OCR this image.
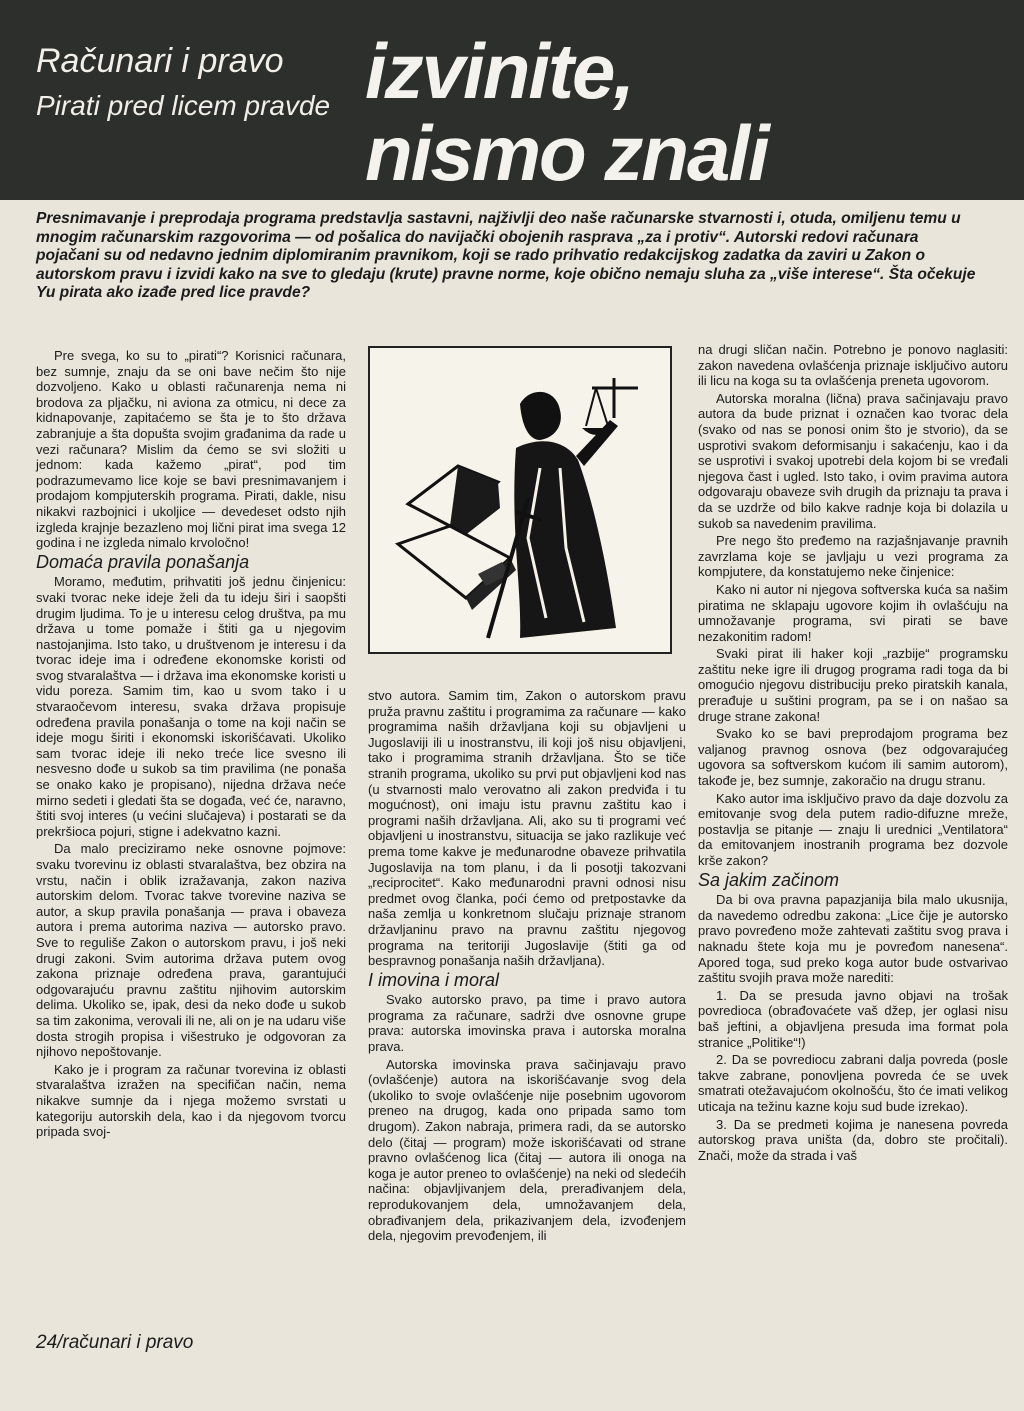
Računari i pravo
Pirati pred licem pravde izvinite,
nismo znali
Presnimavanje i preprodaja programa predstavlja sastavni, najživlji deo naše računarske stvarnosti i, otuda, omiljenu temu u mnogim računarskim razgovorima — od pošalica do navijački obojenih rasprava „za i protiv“. Autorski redovi računara pojačani su od nedavno jednim diplomiranim pravnikom, koji se rado prihvatio redakcijskog zadatka da zaviri u Zakon o autorskom pravu i izvidi kako na sve to gledaju (krute) pravne norme, koje obično nemaju sluha za „više interese“. Šta očekuje Yu pirata ako izađe pred lice pravde?

Pre svega, ko su to „pirati“? Korisnici računara, bez sumnje, znaju da se oni bave nečim što nije dozvoljeno. Kako u oblasti računarenja nema ni brodova za pljačku, ni aviona za otmicu, ni dece za kidnapovanje, zapitaćemo se šta je to što država zabranjuje a šta dopušta svojim građanima da rade u vezi računara? Mislim da ćemo se svi složiti u jednom: kada kažemo „pirat“, pod tim podrazumevamo lice koje se bavi presnimavanjem i prodajom kompjuterskih programa. Pirati, dakle, nisu nikakvi razbojnici i ukoljice — devedeset odsto njih izgleda krajnje bezazleno moj lični pirat ima svega 12 godina i ne izgleda nimalo krvoločno!

Domaća pravila ponašanja

Moramo, međutim, prihvatiti još jednu činjenicu: svaki tvorac neke ideje želi da tu ideju širi i saopšti drugim ljudima. To je u interesu celog društva, pa mu država u tome pomaže i štiti ga u njegovim nastojanjima. Isto tako, u društvenom je interesu i da tvorac ideje ima i određene ekonomske koristi od svog stvaralaštva — i država ima ekonomske koristi u vidu poreza. Samim tim, kao u svom tako i u stvaraočevom interesu, svaka država propisuje određena pravila ponašanja o tome na koji način se ideje mogu širiti i ekonomski iskorišćavati. Ukoliko sam tvorac ideje ili neko treće lice svesno ili nesvesno dođe u sukob sa tim pravilima (ne ponaša se onako kako je propisano), nijedna država neće mirno sedeti i gledati šta se događa, već će, naravno, štiti svoj interes (u većini slučajeva) i postarati se da prekršioca pojuri, stigne i adekvatno kazni.

Da malo preciziramo neke osnovne pojmove: svaku tvorevinu iz oblasti stvaralaštva, bez obzira na vrstu, način i oblik izražavanja, zakon naziva autorskim delom. Tvorac takve tvorevine naziva se autor, a skup pravila ponašanja — prava i obaveza autora i prema autorima naziva — autorsko pravo. Sve to reguliše Zakon o autorskom pravu, i još neki drugi zakoni. Svim autorima država putem ovog zakona priznaje određena prava, garantujući odgovarajuću pravnu zaštitu njihovim autorskim delima. Ukoliko se, ipak, desi da neko dođe u sukob sa tim zakonima, verovali ili ne, ali on je na udaru više dosta strogih propisa i višestruko je odgovoran za njihovo nepoštovanje.

Kako je i program za računar tvorevina iz oblasti stvaralaštva izražen na specifičan način, nema nikakve sumnje da i njega možemo svrstati u kategoriju autorskih dela, kao i da njegovom tvorcu pripada svoj-

stvo autora. Samim tim, Zakon o autorskom pravu pruža pravnu zaštitu i programima za računare — kako programima naših državljana koji su objavljeni u Jugoslaviji ili u inostranstvu, ili koji još nisu objavljeni, tako i programima stranih državljana. Što se tiče stranih programa, ukoliko su prvi put objavljeni kod nas (u stvarnosti malo verovatno ali zakon predviđa i tu mogućnost), oni imaju istu pravnu zaštitu kao i programi naših državljana. Ali, ako su ti programi već objavljeni u inostranstvu, situacija se jako razlikuje već prema tome kakve je međunarodne obaveze prihvatila Jugoslavija na tom planu, i da li posotji takozvani „reciprocitet“. Kako međunarodni pravni odnosi nisu predmet ovog članka, poći ćemo od pretpostavke da naša zemlja u konkretnom slučaju priznaje stranom državljaninu pravo na pravnu zaštitu njegovog programa na teritoriji Jugoslavije (štiti ga od bespravnog ponašanja naših državljana).

I imovina i moral

Svako autorsko pravo, pa time i pravo autora programa za računare, sadrži dve osnovne grupe prava: autorska imovinska prava i autorska moralna prava.

Autorska imovinska prava sačinjavaju pravo (ovlašćenje) autora na iskorišćavanje svog dela (ukoliko to svoje ovlašćenje nije posebnim ugovorom preneo na drugog, kada ono pripada samo tom drugom). Zakon nabraja, primera radi, da se autorsko delo (čitaj — program) može iskorišćavati od strane pravno ovlašćenog lica (čitaj — autora ili onoga na koga je autor preneo to ovlašćenje) na neki od sledećih načina: objavljivanjem dela, prerađivanjem dela, reprodukovanjem dela, umnožavanjem dela, obrađivanjem dela, prikazivanjem dela, izvođenjem dela, njegovim prevođenjem, ili

na drugi sličan način. Potrebno je ponovo naglasiti: zakon navedena ovlašćenja priznaje isključivo autoru ili licu na koga su ta ovlašćenja preneta ugovorom.

Autorska moralna (lična) prava sačinjavaju pravo autora da bude priznat i označen kao tvorac dela (svako od nas se ponosi onim što je stvorio), da se usprotivi svakom deformisanju i sakaćenju, kao i da se usprotivi i svakoj upotrebi dela kojom bi se vređali njegova čast i ugled. Isto tako, i ovim pravima autora odgovaraju obaveze svih drugih da priznaju ta prava i da se uzdrže od bilo kakve radnje koja bi dolazila u sukob sa navedenim pravilima.

Pre nego što pređemo na razjašnjavanje pravnih zavrzlama koje se javljaju u vezi programa za kompjutere, da konstatujemo neke činjenice:

Kako ni autor ni njegova softverska kuća sa našim piratima ne sklapaju ugovore kojim ih ovlašćuju na umnožavanje programa, svi pirati se bave nezakonitim radom!

Svaki pirat ili haker koji „razbije“ programsku zaštitu neke igre ili drugog programa radi toga da bi omogućio njegovu distribuciju preko piratskih kanala, prerađuje u suštini program, pa se i on našao sa druge strane zakona!

Svako ko se bavi preprodajom programa bez valjanog pravnog osnova (bez odgovarajućeg ugovora sa softverskom kućom ili samim autorom), takođe je, bez sumnje, zakoračio na drugu stranu.

Kako autor ima isključivo pravo da daje dozvolu za emitovanje svog dela putem radio-difuzne mreže, postavlja se pitanje — znaju li urednici „Ventilatora“ da emitovanjem inostranih programa bez dozvole krše zakon?

Sa jakim začinom

Da bi ova pravna papazjanija bila malo ukusnija, da navedemo odredbu zakona: „Lice čije je autorsko pravo povređeno može zahtevati zaštitu svog prava i naknadu štete koja mu je povređom nanesena“. Apored toga, sud preko koga autor bude ostvarivao zaštitu svojih prava može narediti:

1. Da se presuda javno objavi na trošak povredioca (obrađovaćete vaš džep, jer oglasi nisu baš jeftini, a objavljena presuda ima format pola stranice „Politike“!)

2. Da se povrediocu zabrani dalja povreda (posle takve zabrane, ponovljena povreda će se uvek smatrati otežavajućom okolnošću, što će imati velikog uticaja na težinu kazne koju sud bude izrekao).

3. Da se predmeti kojima je nanesena povreda autorskog prava uništa (da, dobro ste pročitali). Znači, može da strada i vaš

24/računari i pravo
